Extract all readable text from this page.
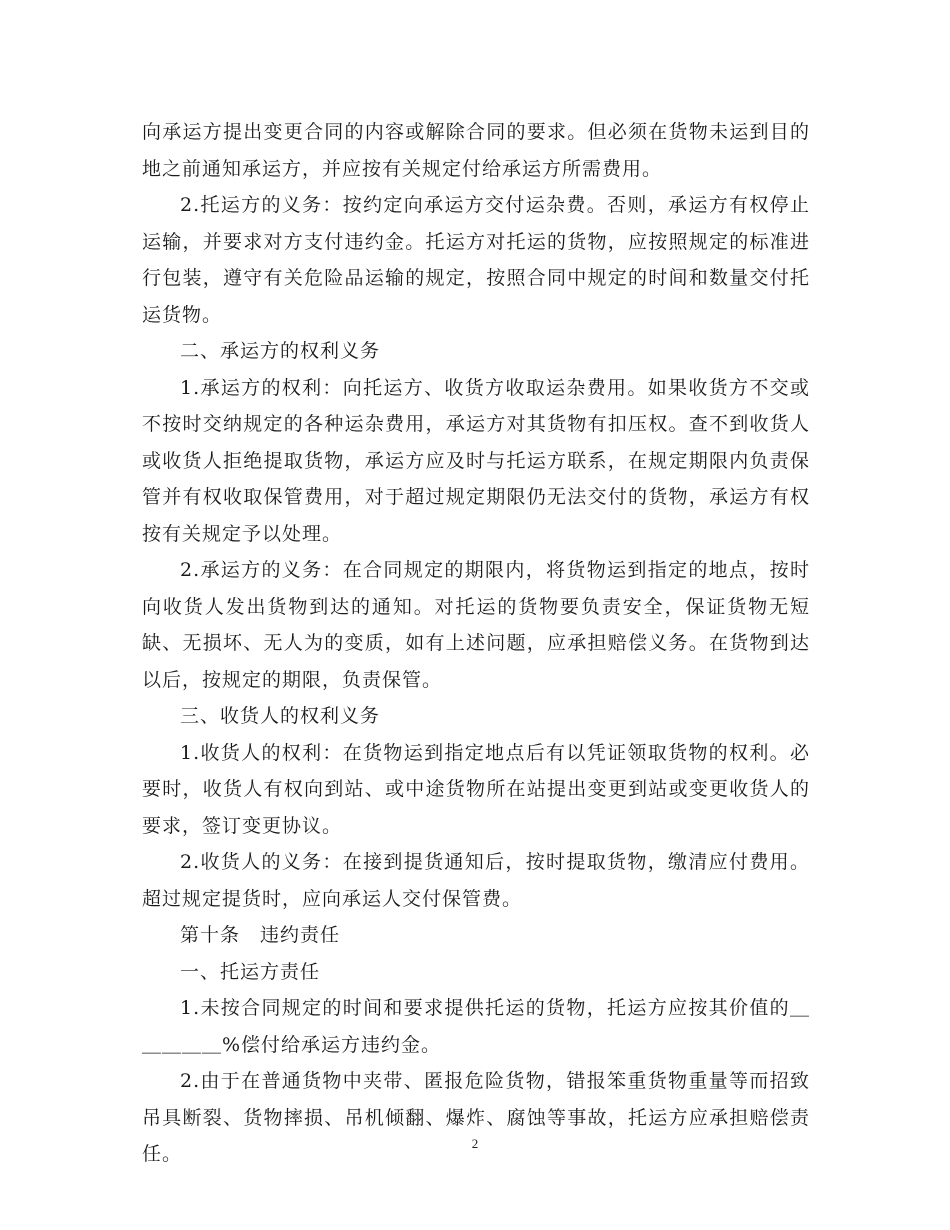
向承运方提出变更合同的内容或解除合同的要求。但必须在货物未运到目的地之前通知承运方，并应按有关规定付给承运方所需费用。

2.托运方的义务：按约定向承运方交付运杂费。否则，承运方有权停止运输，并要求对方支付违约金。托运方对托运的货物，应按照规定的标准进行包装，遵守有关危险品运输的规定，按照合同中规定的时间和数量交付托运货物。

二、承运方的权利义务

1.承运方的权利：向托运方、收货方收取运杂费用。如果收货方不交或不按时交纳规定的各种运杂费用，承运方对其货物有扣压权。查不到收货人或收货人拒绝提取货物，承运方应及时与托运方联系，在规定期限内负责保管并有权收取保管费用，对于超过规定期限仍无法交付的货物，承运方有权按有关规定予以处理。

2.承运方的义务：在合同规定的期限内，将货物运到指定的地点，按时向收货人发出货物到达的通知。对托运的货物要负责安全，保证货物无短缺、无损坏、无人为的变质，如有上述问题，应承担赔偿义务。在货物到达以后，按规定的期限，负责保管。

三、收货人的权利义务

1.收货人的权利：在货物运到指定地点后有以凭证领取货物的权利。必要时，收货人有权向到站、或中途货物所在站提出变更到站或变更收货人的要求，签订变更协议。

2.收货人的义务：在接到提货通知后，按时提取货物，缴清应付费用。超过规定提货时，应向承运人交付保管费。

第十条　违约责任

一、托运方责任

1.未按合同规定的时间和要求提供托运的货物，托运方应按其价值的＿＿＿＿＿%偿付给承运方违约金。

2.由于在普通货物中夹带、匿报危险货物，错报笨重货物重量等而招致吊具断裂、货物摔损、吊机倾翻、爆炸、腐蚀等事故，托运方应承担赔偿责任。	2
